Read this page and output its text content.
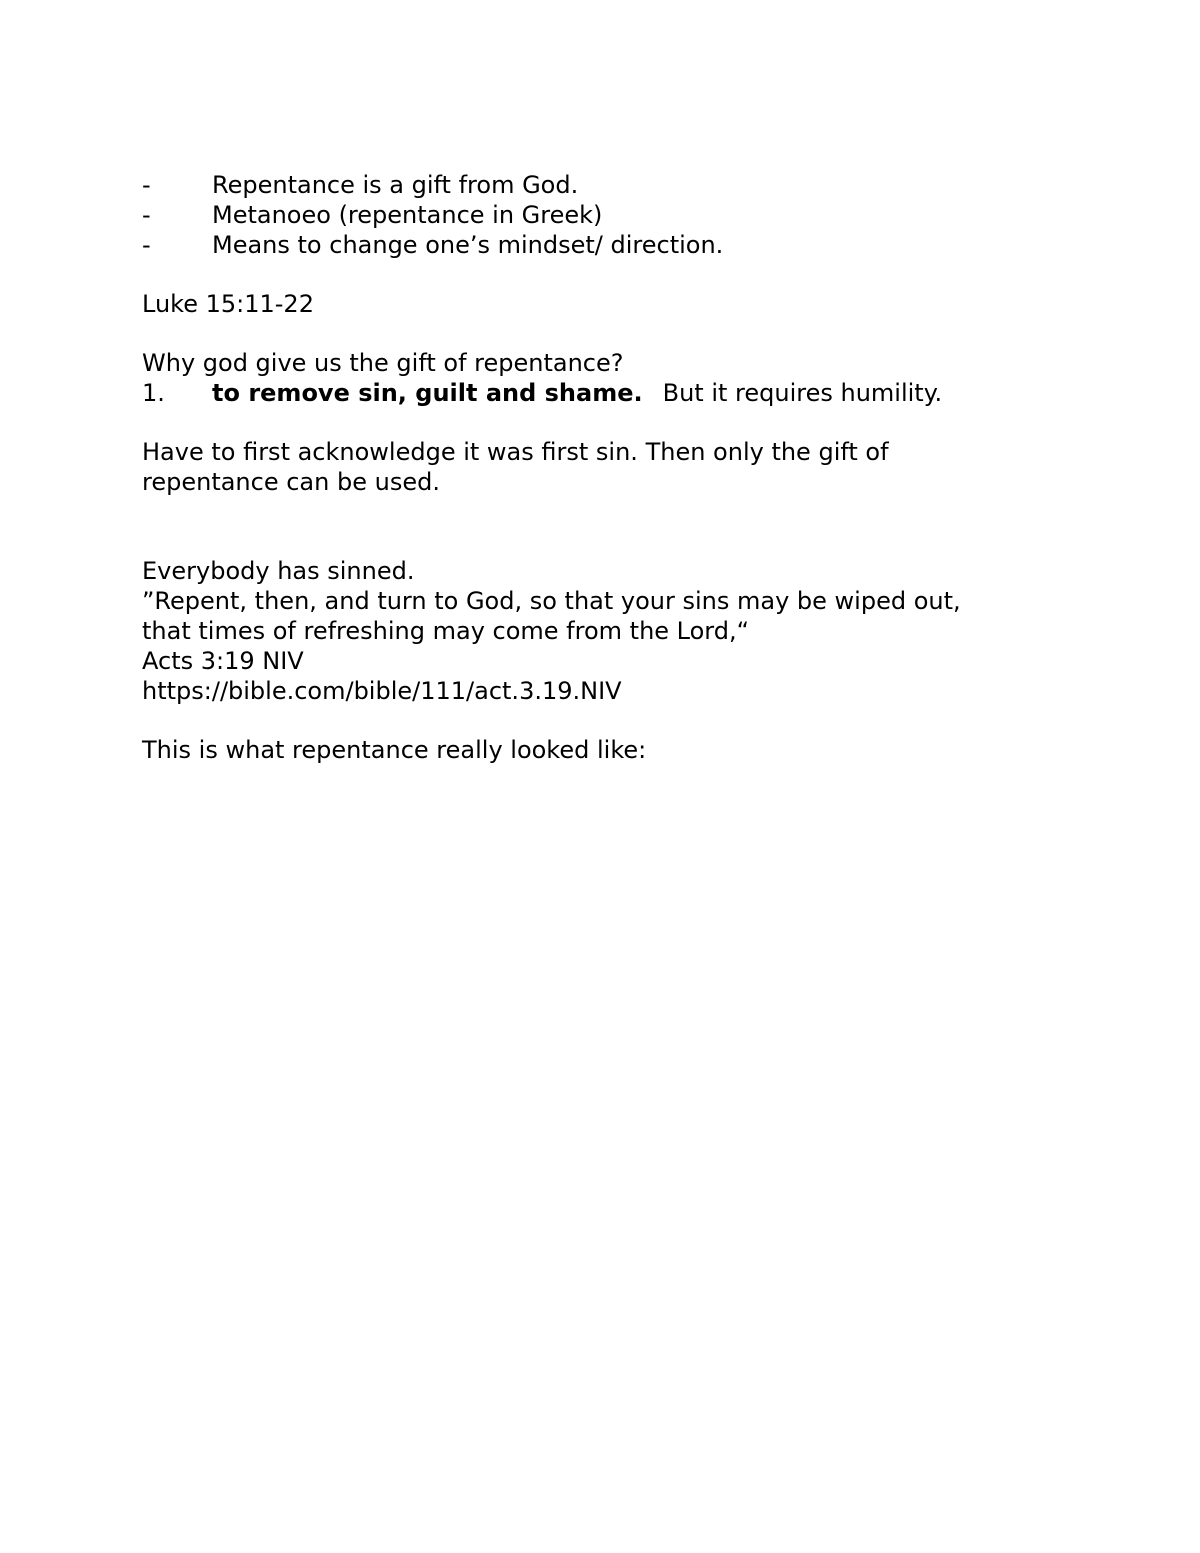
-	Repentance is a gift from God.
-	Metanoeo (repentance in Greek)
-	Means to change one’s mindset/ direction.
Luke 15:11-22
Why god give us the gift of repentance?
1.	to remove sin, guilt and shame. But it requires humility.
Have to first acknowledge it was first sin. Then only the gift of
repentance can be used.
Everybody has sinned.
”Repent, then, and turn to God, so that your sins may be wiped out,
that times of refreshing may come from the Lord,“
Acts 3:19 NIV
https://bible.com/bible/111/act.3.19.NIV
This is what repentance really looked like:
